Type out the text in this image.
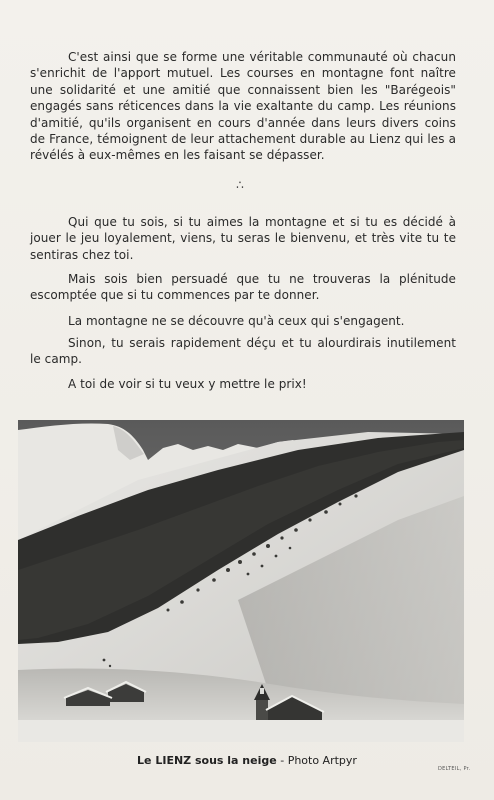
C'est ainsi que se forme une véritable communauté où chacun s'enrichit de l'apport mutuel. Les courses en montagne font naître une solidarité et une amitié que connaissent bien les "Barégeois" engagés sans réticences dans la vie exaltante du camp. Les réunions d'amitié, qu'ils organisent en cours d'année dans leurs divers coins de France, témoignent de leur attachement durable au Lienz qui les a révélés à eux-mêmes en les faisant se dépasser.

∴

Qui que tu sois, si tu aimes la montagne et si tu es décidé à jouer le jeu loyalement, viens, tu seras le bienvenu, et très vite tu te sentiras chez toi.

Mais sois bien persuadé que tu ne trouveras la plénitude escomptée que si tu commences par te donner.

La montagne ne se découvre qu'à ceux qui s'engagent.

Sinon, tu serais rapidement déçu et tu alourdirais inutilement le camp.

A toi de voir si tu veux y mettre le prix!

Le LIENZ sous la neige - Photo Artpyr
DELTEIL, Pr.
